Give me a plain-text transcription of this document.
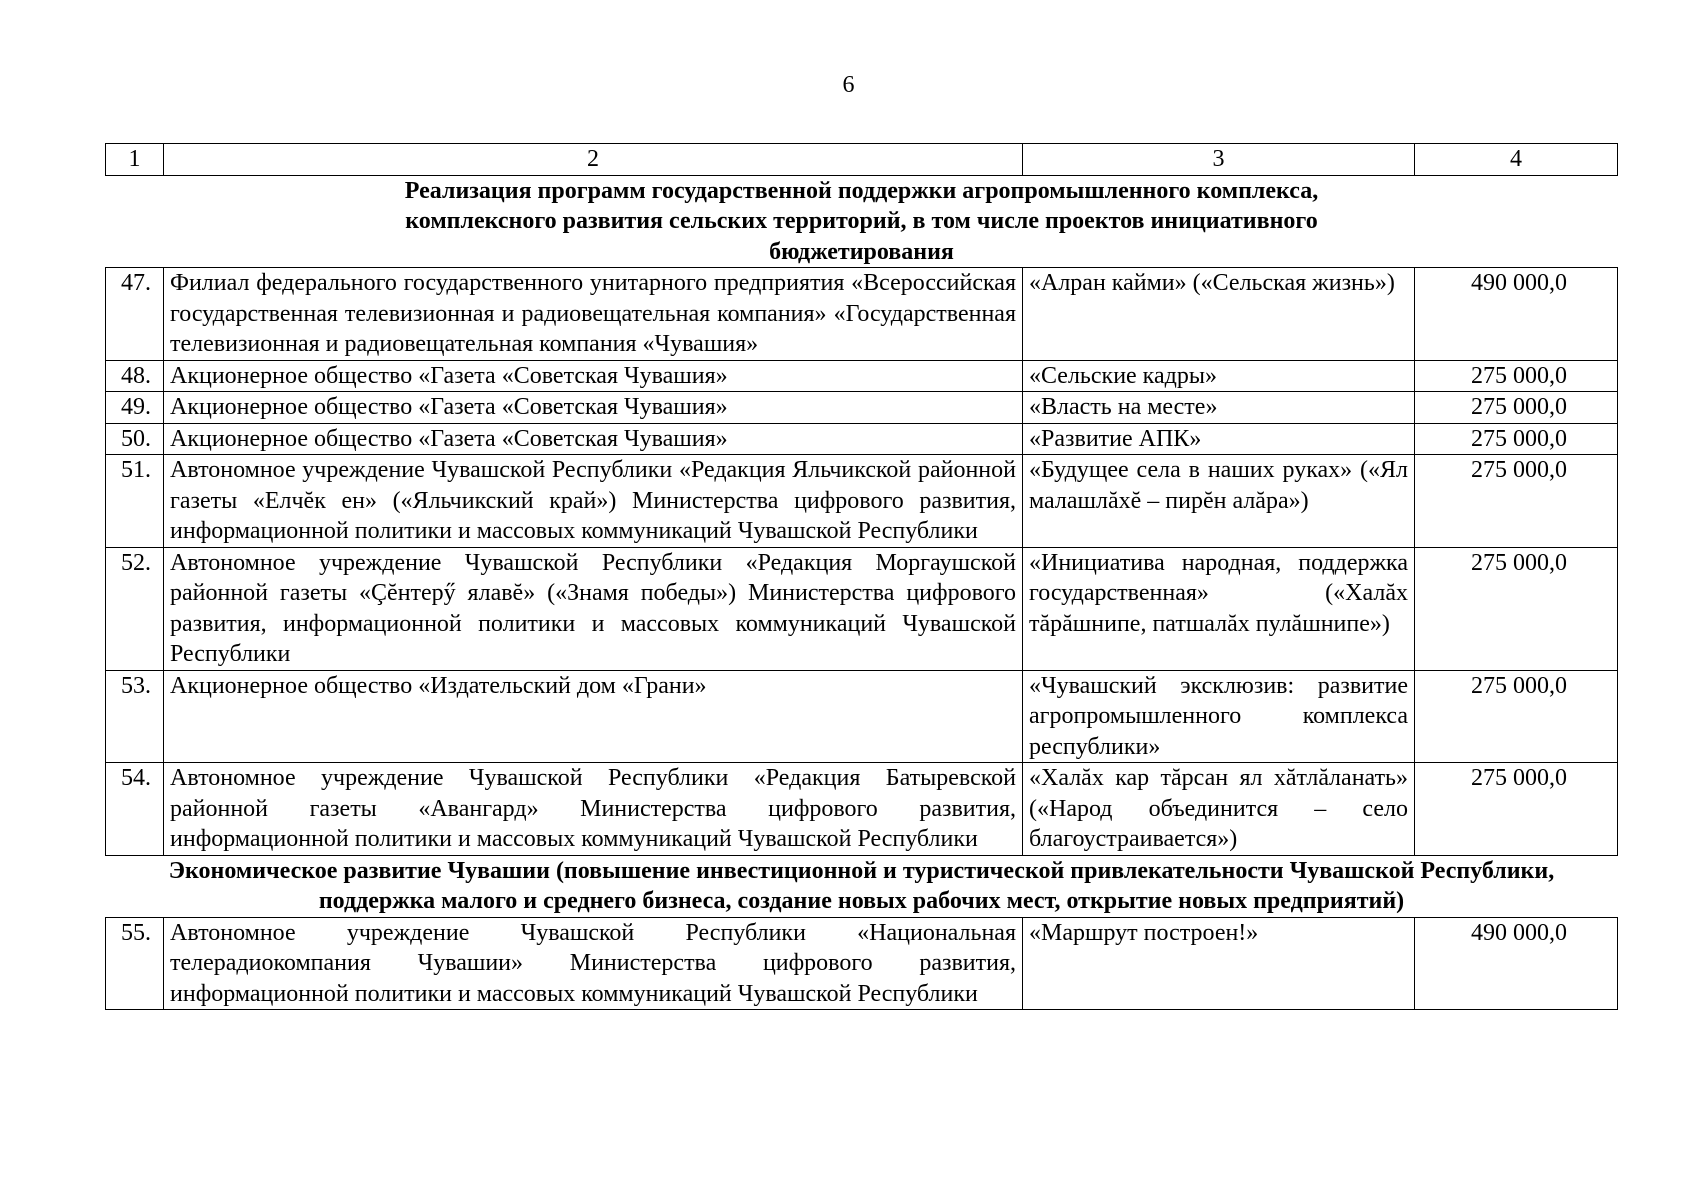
6
1	2	3	4
Реализация программ государственной поддержки агропромышленного комплекса, комплексного развития сельских территорий, в том числе проектов инициативного бюджетирования			
47.	Филиал федерального государственного унитарного предприятия «Всероссийская государственная телевизионная и радиовещательная компания» «Государственная телевизионная и радиовещательная компания «Чувашия»	«Алран кайми» («Сельская жизнь»)	490 000,0
48.	Акционерное общество «Газета «Советская Чувашия»	«Сельские кадры»	275 000,0
49.	Акционерное общество «Газета «Советская Чувашия»	«Власть на месте»	275 000,0
50.	Акционерное общество «Газета «Советская Чувашия»	«Развитие АПК»	275 000,0
51.	Автономное учреждение Чувашской Республики «Редакция Яльчикской районной газеты «Елчĕк ен» («Яльчикский край») Министерства цифрового развития, информационной политики и массовых коммуникаций Чувашской Республики	«Будущее села в наших руках» («Ял малашлăхĕ – пирĕн алăра»)	275 000,0
52.	Автономное учреждение Чувашской Республики «Редакция Моргаушской районной газеты «Çĕнтерӳ ялавĕ» («Знамя победы») Министерства цифрового развития, информационной политики и массовых коммуникаций Чувашской Республики	«Инициатива народная, поддержка государственная» («Халăх тăрăшнипе, патшалăх пулăшнипе»)	275 000,0
53.	Акционерное общество «Издательский дом «Грани»	«Чувашский эксклюзив: развитие агропромышленного комплекса республики»	275 000,0
54.	Автономное учреждение Чувашской Республики «Редакция Батыревской районной газеты «Авангард» Министерства цифрового развития, информационной политики и массовых коммуникаций Чувашской Республики	«Халăх кар тăрсан ял хăтлăланать» («Народ объединится – село благоустраивается»)	275 000,0
Экономическое развитие Чувашии (повышение инвестиционной и туристической привлекательности Чувашской Республики, поддержка малого и среднего бизнеса, создание новых рабочих мест, открытие новых предприятий)			
55.	Автономное учреждение Чувашской Республики «Национальная телерадиокомпания Чувашии» Министерства цифрового развития, информационной политики и массовых коммуникаций Чувашской Республики	«Маршрут построен!»	490 000,0
